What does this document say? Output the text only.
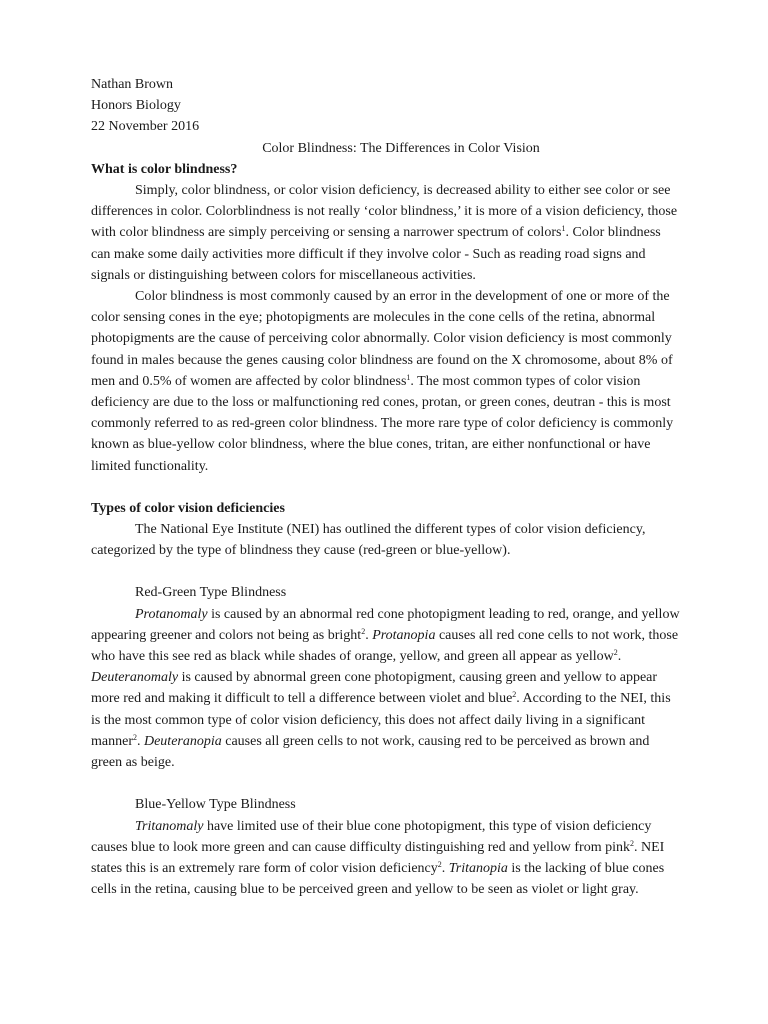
Nathan Brown
Honors Biology
22 November 2016
Color Blindness: The Differences in Color Vision
What is color blindness?

Simply, color blindness, or color vision deficiency, is decreased ability to either see color or see differences in color. Colorblindness is not really ‘color blindness,’ it is more of a vision deficiency, those with color blindness are simply perceiving or sensing a narrower spectrum of colors$^1$. Color blindness can make some daily activities more difficult if they involve color - Such as reading road signs and signals or distinguishing between colors for miscellaneous activities.

Color blindness is most commonly caused by an error in the development of one or more of the color sensing cones in the eye; photopigments are molecules in the cone cells of the retina, abnormal photopigments are the cause of perceiving color abnormally. Color vision deficiency is most commonly found in males because the genes causing color blindness are found on the X chromosome, about 8% of men and 0.5% of women are affected by color blindness$^1$. The most common types of color vision deficiency are due to the loss or malfunctioning red cones, protan, or green cones, deutran - this is most commonly referred to as red-green color blindness. The more rare type of color deficiency is commonly known as blue-yellow color blindness, where the blue cones, tritan, are either nonfunctional or have limited functionality.

Types of color vision deficiencies

The National Eye Institute (NEI) has outlined the different types of color vision deficiency, categorized by the type of blindness they cause (red-green or blue-yellow).

Red-Green Type Blindness

Protanomaly is caused by an abnormal red cone photopigment leading to red, orange, and yellow appearing greener and colors not being as bright$^2$. Protanopia causes all red cone cells to not work, those who have this see red as black while shades of orange, yellow, and green all appear as yellow$^2$. Deuteranomaly is caused by abnormal green cone photopigment, causing green and yellow to appear more red and making it difficult to tell a difference between violet and blue$^2$. According to the NEI, this is the most common type of color vision deficiency, this does not affect daily living in a significant manner$^2$. Deuteranopia causes all green cells to not work, causing red to be perceived as brown and green as beige.

Blue-Yellow Type Blindness

Tritanomaly have limited use of their blue cone photopigment, this type of vision deficiency causes blue to look more green and can cause difficulty distinguishing red and yellow from pink$^2$. NEI states this is an extremely rare form of color vision deficiency$^2$. Tritanopia is the lacking of blue cones cells in the retina, causing blue to be perceived green and yellow to be seen as violet or light gray.
